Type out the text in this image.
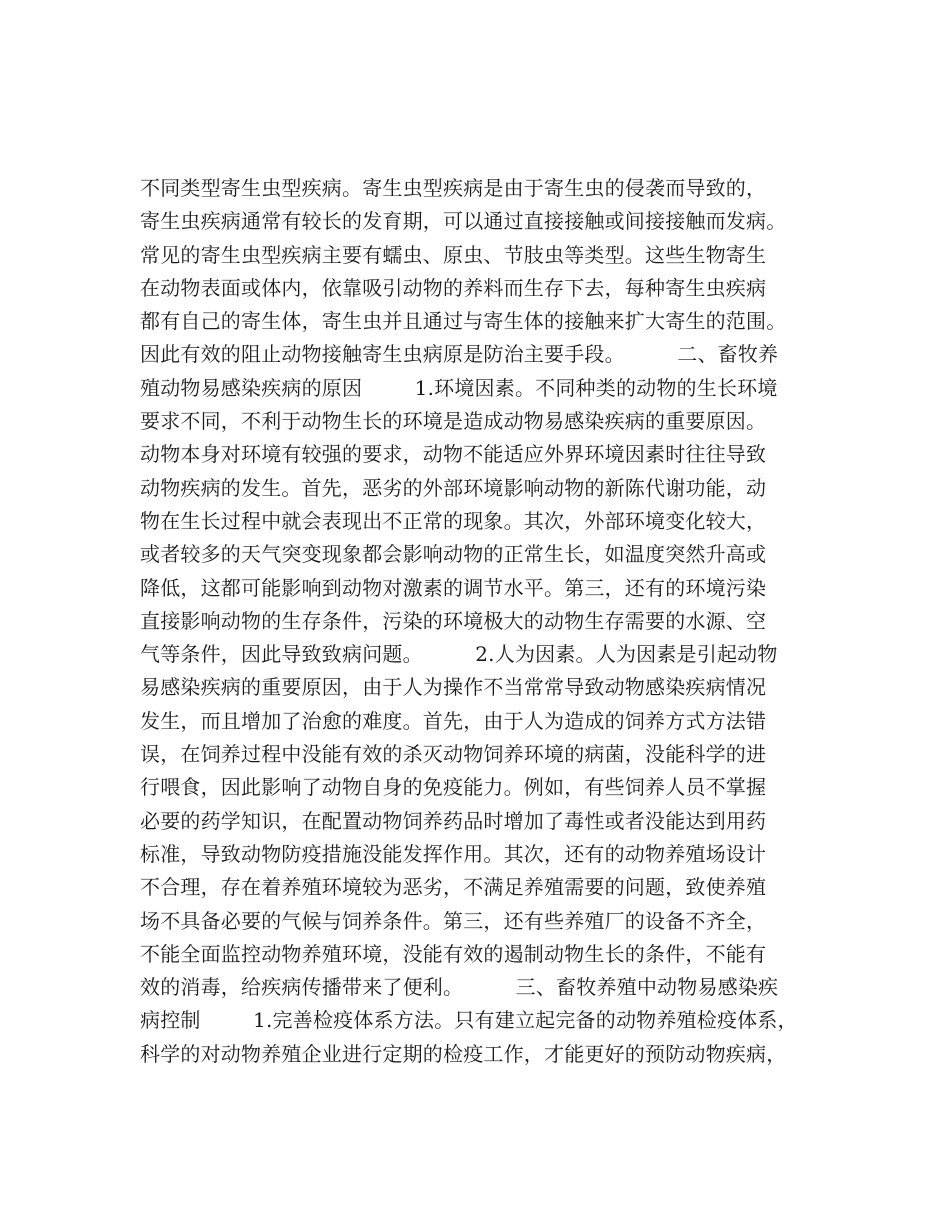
不同类型寄生虫型疾病。寄生虫型疾病是由于寄生虫的侵袭而导致的，
寄生虫疾病通常有较长的发育期，可以通过直接接触或间接接触而发病。
常见的寄生虫型疾病主要有蠕虫、原虫、节肢虫等类型。这些生物寄生
在动物表面或体内，依靠吸引动物的养料而生存下去，每种寄生虫疾病
都有自己的寄生体，寄生虫并且通过与寄生体的接触来扩大寄生的范围。
因此有效的阻止动物接触寄生虫病原是防治主要手段。        二、畜牧养
殖动物易感染疾病的原因        1.环境因素。不同种类的动物的生长环境
要求不同，不利于动物生长的环境是造成动物易感染疾病的重要原因。
动物本身对环境有较强的要求，动物不能适应外界环境因素时往往导致
动物疾病的发生。首先，恶劣的外部环境影响动物的新陈代谢功能，动
物在生长过程中就会表现出不正常的现象。其次，外部环境变化较大，
或者较多的天气突变现象都会影响动物的正常生长，如温度突然升高或
降低，这都可能影响到动物对激素的调节水平。第三，还有的环境污染
直接影响动物的生存条件，污染的环境极大的动物生存需要的水源、空
气等条件，因此导致致病问题。        2.人为因素。人为因素是引起动物
易感染疾病的重要原因，由于人为操作不当常常导致动物感染疾病情况
发生，而且增加了治愈的难度。首先，由于人为造成的饲养方式方法错
误，在饲养过程中没能有效的杀灭动物饲养环境的病菌，没能科学的进
行喂食，因此影响了动物自身的免疫能力。例如，有些饲养人员不掌握
必要的药学知识，在配置动物饲养药品时增加了毒性或者没能达到用药
标准，导致动物防疫措施没能发挥作用。其次，还有的动物养殖场设计
不合理，存在着养殖环境较为恶劣，不满足养殖需要的问题，致使养殖
场不具备必要的气候与饲养条件。第三，还有些养殖厂的设备不齐全，
不能全面监控动物养殖环境，没能有效的遏制动物生长的条件，不能有
效的消毒，给疾病传播带来了便利。        三、畜牧养殖中动物易感染疾
病控制        1.完善检疫体系方法。只有建立起完备的动物养殖检疫体系，
科学的对动物养殖企业进行定期的检疫工作，才能更好的预防动物疾病，
